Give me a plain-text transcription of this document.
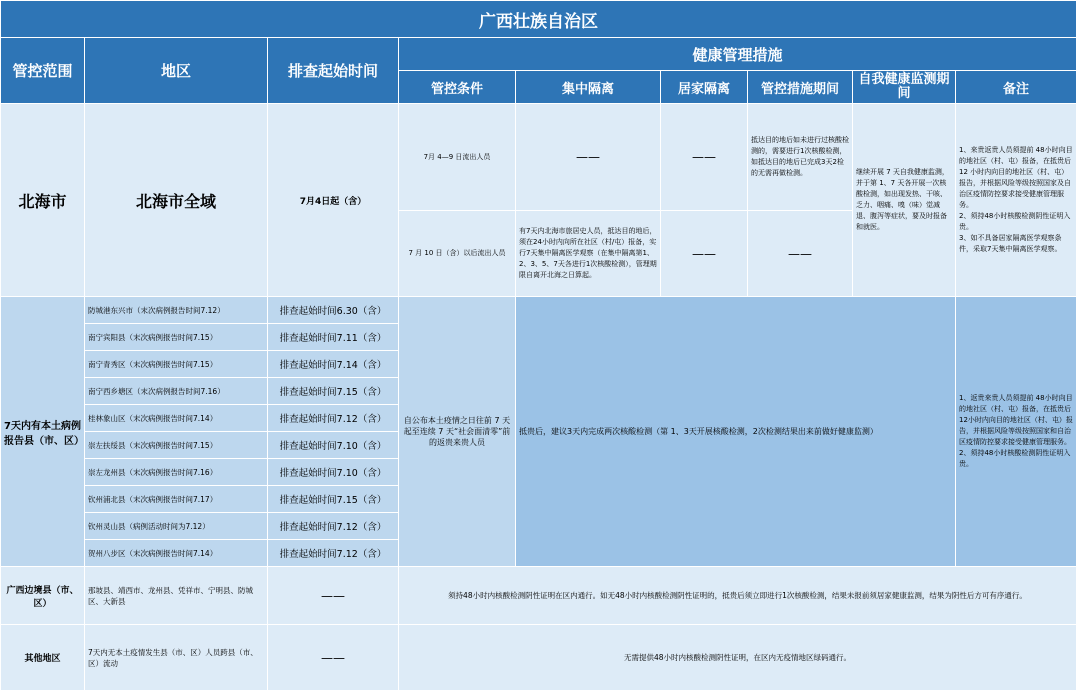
广西壮族自治区								
管控范围	地区	排查起始时间	健康管理措施					
			管控条件	集中隔离	居家隔离	管控措施期间	自我健康监测期间	备注
北海市	北海市全域	7月4日起（含）	7月 4—9 日流出人员	——	——	抵达目的地后如未进行过核酸检测的，需要进行1次核酸检测，如抵达目的地后已完成3天2检的无需再做检测。	继续开展 7 天自我健康监测，并于第 1、7 天各开展一次核酸检测，如出现发热、干咳、乏力、咽痛、嗅（味）觉减退、腹泻等症状，要及时报备和就医。	1、来贵返贵人员须提前 48小时向目的地社区（村、屯）报备，在抵贵后12 小时内向目的地社区（村、屯）报告，并根据风险等级按照国家及自治区疫情防控要求接受健康管理服务。
2、须持48小时核酸检测阴性证明入贵。
3、如不具备居家隔离医学观察条件，采取7天集中隔离医学观察。
			7 月 10 日（含）以后流出人员	有7天内北海市旅居史人员，抵达目的地后，须在24小时内向所在社区（村/屯）报备，实行7天集中隔离医学观察（在集中隔离第1、2、3、5、7天各进行1次核酸检测），管理期限自离开北海之日算起。	——	——		
7天内有本土病例报告县（市、区）	防城港东兴市（末次病例报告时间7.12）	排查起始时间6.30（含）	自公布本土疫情之日往前 7 天起至连续 7 天“社会面清零”前的返贵来贵人员	抵贵后，建议3天内完成两次核酸检测（第 1、3天开展核酸检测，2次检测结果出来前做好健康监测）				1、返贵来贵人员须提前 48小时向目的地社区（村、屯）报备，在抵贵后12小时内向目的地社区（村、屯）报告，并根据风险等级按照国家和自治区疫情防控要求接受健康管理服务。
2、须持48小时核酸检测阴性证明入贵。
	南宁宾阳县（末次病例报告时间7.15）	排查起始时间7.11（含）						
	南宁青秀区（末次病例报告时间7.15）	排查起始时间7.14（含）						
	南宁西乡塘区（末次病例报告时间7.16）	排查起始时间7.15（含）						
	桂林象山区（末次病例报告时间7.14）	排查起始时间7.12（含）						
	崇左扶绥县（末次病例报告时间7.15）	排查起始时间7.10（含）						
	崇左龙州县（末次病例报告时间7.16）	排查起始时间7.10（含）						
	钦州浦北县（末次病例报告时间7.17）	排查起始时间7.15（含）						
	钦州灵山县（病例活动时间为7.12）	排查起始时间7.12（含）						
	贺州八步区（末次病例报告时间7.14）	排查起始时间7.12（含）						
广西边境县（市、区）	那坡县、靖西市、龙州县、凭祥市、宁明县、防城区、大新县	——	须持48小时内核酸检测阴性证明在区内通行。如无48小时内核酸检测阴性证明的，抵贵后须立即进行1次核酸检测，结果未报前须居家健康监测，结果为阴性后方可有序通行。					
其他地区	7天内无本土疫情发生县（市、区）人员跨县（市、区）流动	——	无需提供48小时内核酸检测阴性证明，在区内无疫情地区绿码通行。					
